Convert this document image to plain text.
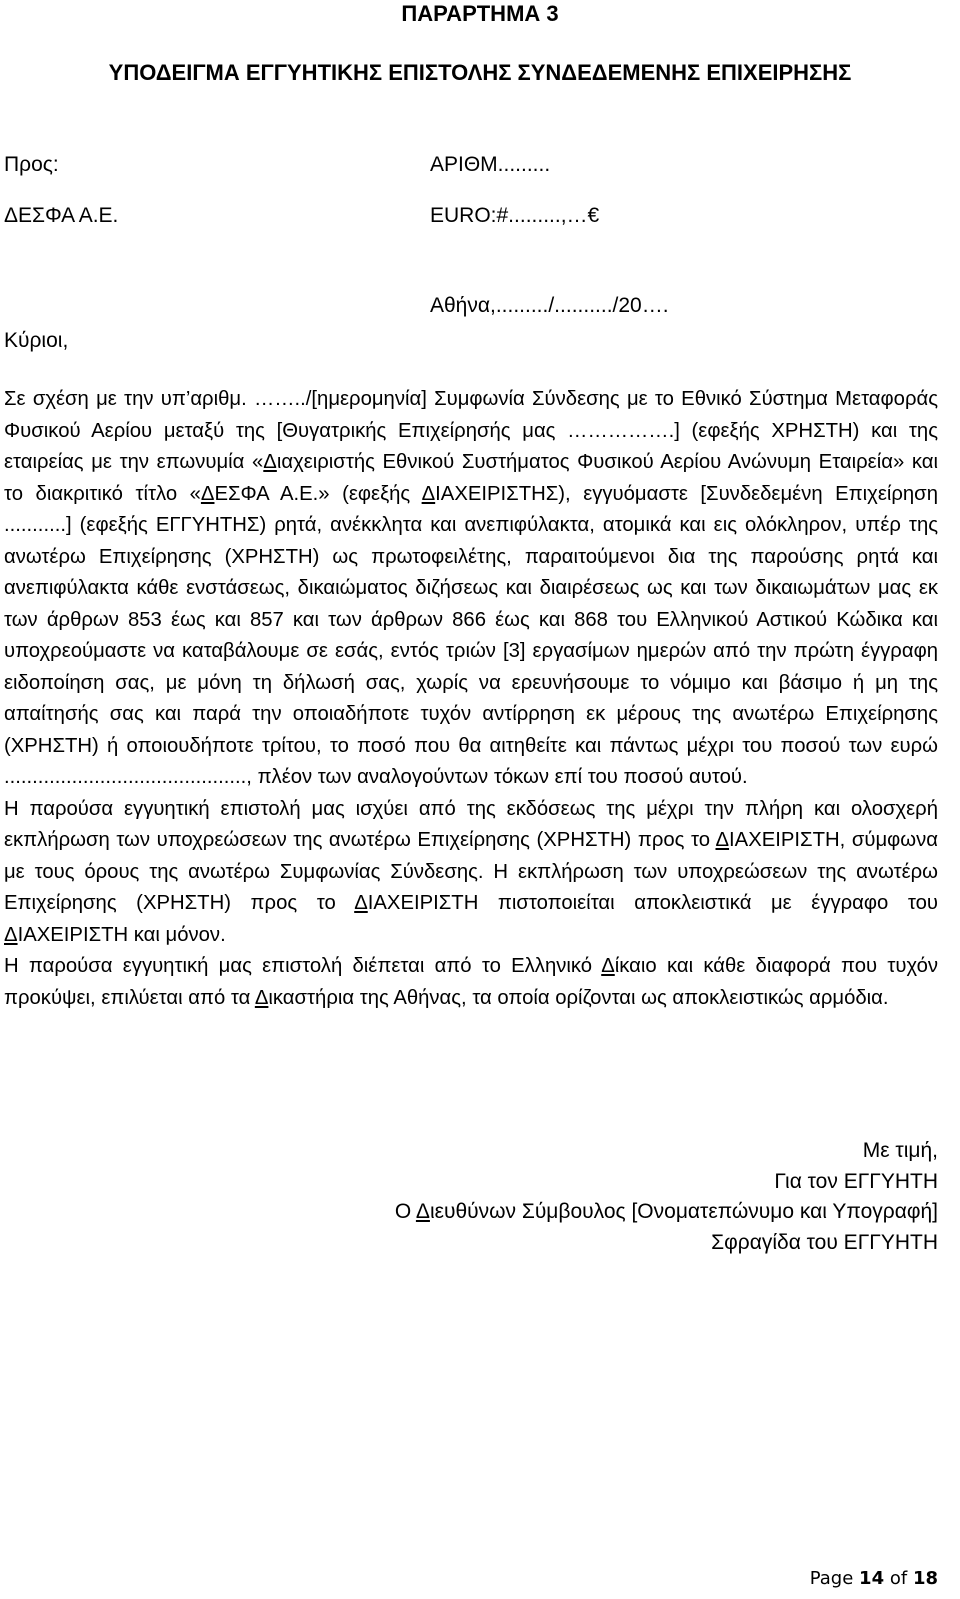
ΠΑΡΑΡΤΗΜΑ 3
ΥΠΟΔΕΙΓΜΑ ΕΓΓΥΗΤΙΚΗΣ ΕΠΙΣΤΟΛΗΣ ΣΥΝΔΕΔΕΜΕΝΗΣ ΕΠΙΧΕΙΡΗΣΗΣ
Προς:
ΔΕΣΦΑ Α.Ε.
ΑΡΙΘΜ.........
EURO:#.........,…€
Αθήνα,........./........../20….
Κύριοι,

Σε σχέση με την υπ’αριθμ. ……../[ημερομηνία] Συμφωνία Σύνδεσης με το Εθνικό Σύστημα Μεταφοράς Φυσικού Αερίου μεταξύ της [Θυγατρικής Επιχείρησής μας …………….] (εφεξής ΧΡΗΣΤΗ) και της εταιρείας με την επωνυμία «Διαχειριστής Εθνικού Συστήματος Φυσικού Αερίου Ανώνυμη Εταιρεία» και το διακριτικό τίτλο «ΔΕΣΦΑ Α.Ε.» (εφεξής ΔΙΑΧΕΙΡΙΣΤΗΣ), εγγυόμαστε [Συνδεδεμένη Επιχείρηση ...........] (εφεξής ΕΓΓΥΗΤΗΣ) ρητά, ανέκκλητα και ανεπιφύλακτα, ατομικά και εις ολόκληρον, υπέρ της ανωτέρω Επιχείρησης (ΧΡΗΣΤΗ) ως πρωτοφειλέτης, παραιτούμενοι δια της παρούσης ρητά και ανεπιφύλακτα κάθε ενστάσεως, δικαιώματος διζήσεως και διαιρέσεως ως και των δικαιωμάτων μας εκ των άρθρων 853 έως και 857 και των άρθρων 866 έως και 868 του Ελληνικού Αστικού Κώδικα και υποχρεούμαστε να καταβάλουμε σε εσάς, εντός τριών [3] εργασίμων ημερών από την πρώτη έγγραφη ειδοποίηση σας, με μόνη τη δήλωσή σας, χωρίς να ερευνήσουμε το νόμιμο και βάσιμο ή μη της απαίτησής σας και παρά την οποιαδήποτε τυχόν αντίρρηση εκ μέρους της ανωτέρω Επιχείρησης (ΧΡΗΣΤΗ) ή οποιουδήποτε τρίτου, το ποσό που θα αιτηθείτε και πάντως μέχρι του ποσού των ευρώ ..........................................., πλέον των αναλογούντων τόκων επί του ποσού αυτού.

Η παρούσα εγγυητική επιστολή μας ισχύει από της εκδόσεως της μέχρι την πλήρη και ολοσχερή εκπλήρωση των υποχρεώσεων της ανωτέρω Επιχείρησης (ΧΡΗΣΤΗ) προς το ΔΙΑΧΕΙΡΙΣΤΗ, σύμφωνα με τους όρους της ανωτέρω Συμφωνίας Σύνδεσης. Η εκπλήρωση των υποχρεώσεων της ανωτέρω Επιχείρησης (ΧΡΗΣΤΗ) προς το ΔΙΑΧΕΙΡΙΣΤΗ πιστοποιείται αποκλειστικά με έγγραφο του ΔΙΑΧΕΙΡΙΣΤΗ και μόνον.

Η παρούσα εγγυητική μας επιστολή διέπεται από το Ελληνικό Δίκαιο και κάθε διαφορά που τυχόν προκύψει, επιλύεται από τα Δικαστήρια της Αθήνας, τα οποία ορίζονται ως αποκλειστικώς αρμόδια.

Με τιμή,
Για τον ΕΓΓΥΗΤΗ
Ο Διευθύνων Σύμβουλος [Ονοματεπώνυμο και Υπογραφή]
Σφραγίδα του ΕΓΓΥΗΤΗ
Page 14 of 18
